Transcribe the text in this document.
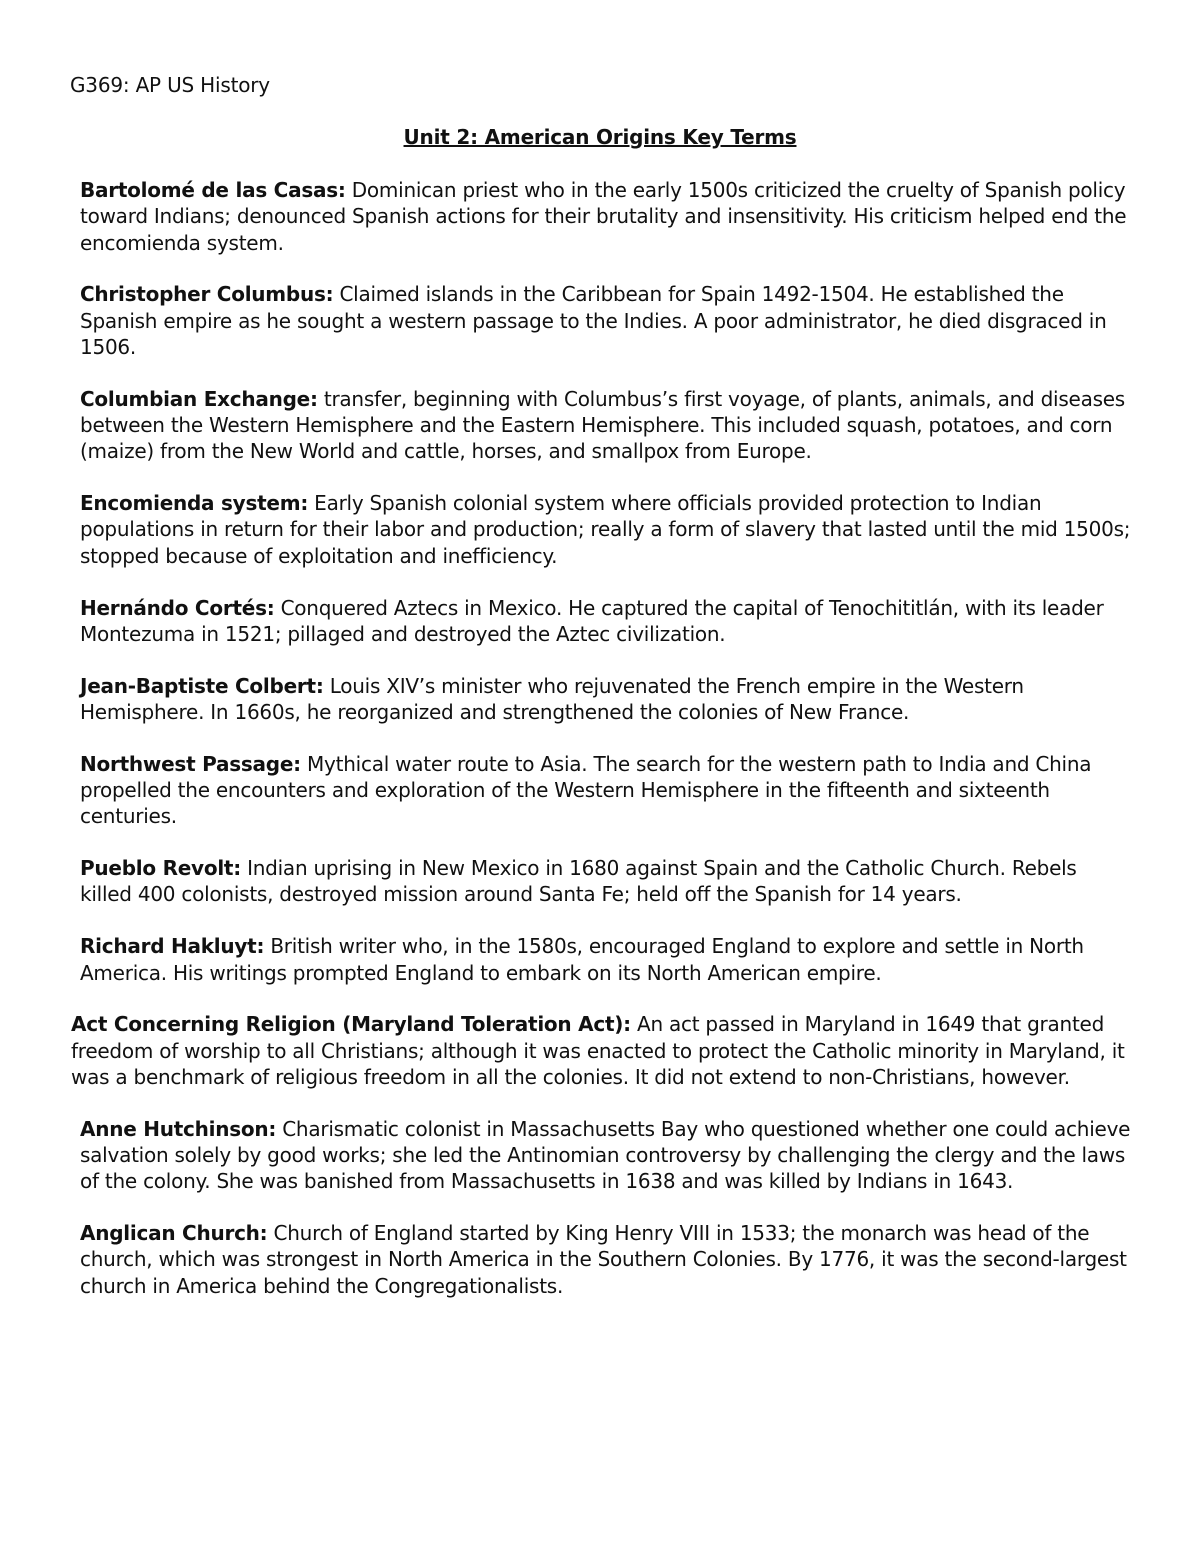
G369: AP US History
Unit 2: American Origins Key Terms

Bartolomé de las Casas: Dominican priest who in the early 1500s criticized the cruelty of Spanish policy toward Indians; denounced Spanish actions for their brutality and insensitivity. His criticism helped end the encomienda system.

Christopher Columbus: Claimed islands in the Caribbean for Spain 1492-1504. He established the Spanish empire as he sought a western passage to the Indies. A poor administrator, he died disgraced in 1506.

Columbian Exchange: transfer, beginning with Columbus’s first voyage, of plants, animals, and diseases between the Western Hemisphere and the Eastern Hemisphere. This included squash, potatoes, and corn (maize) from the New World and cattle, horses, and smallpox from Europe.

Encomienda system: Early Spanish colonial system where officials provided protection to Indian populations in return for their labor and production; really a form of slavery that lasted until the mid 1500s; stopped because of exploitation and inefficiency.

Hernándo Cortés: Conquered Aztecs in Mexico. He captured the capital of Tenochititlán, with its leader Montezuma in 1521; pillaged and destroyed the Aztec civilization.

Jean-Baptiste Colbert: Louis XIV’s minister who rejuvenated the French empire in the Western Hemisphere. In 1660s, he reorganized and strengthened the colonies of New France.

Northwest Passage: Mythical water route to Asia. The search for the western path to India and China propelled the encounters and exploration of the Western Hemisphere in the fifteenth and sixteenth centuries.

Pueblo Revolt: Indian uprising in New Mexico in 1680 against Spain and the Catholic Church. Rebels killed 400 colonists, destroyed mission around Santa Fe; held off the Spanish for 14 years.

Richard Hakluyt: British writer who, in the 1580s, encouraged England to explore and settle in North America. His writings prompted England to embark on its North American empire.

Act Concerning Religion (Maryland Toleration Act): An act passed in Maryland in 1649 that granted freedom of worship to all Christians; although it was enacted to protect the Catholic minority in Maryland, it was a benchmark of religious freedom in all the colonies. It did not extend to non-Christians, however.

Anne Hutchinson: Charismatic colonist in Massachusetts Bay who questioned whether one could achieve salvation solely by good works; she led the Antinomian controversy by challenging the clergy and the laws of the colony. She was banished from Massachusetts in 1638 and was killed by Indians in 1643.

Anglican Church: Church of England started by King Henry VIII in 1533; the monarch was head of the church, which was strongest in North America in the Southern Colonies. By 1776, it was the second-largest church in America behind the Congregationalists.
